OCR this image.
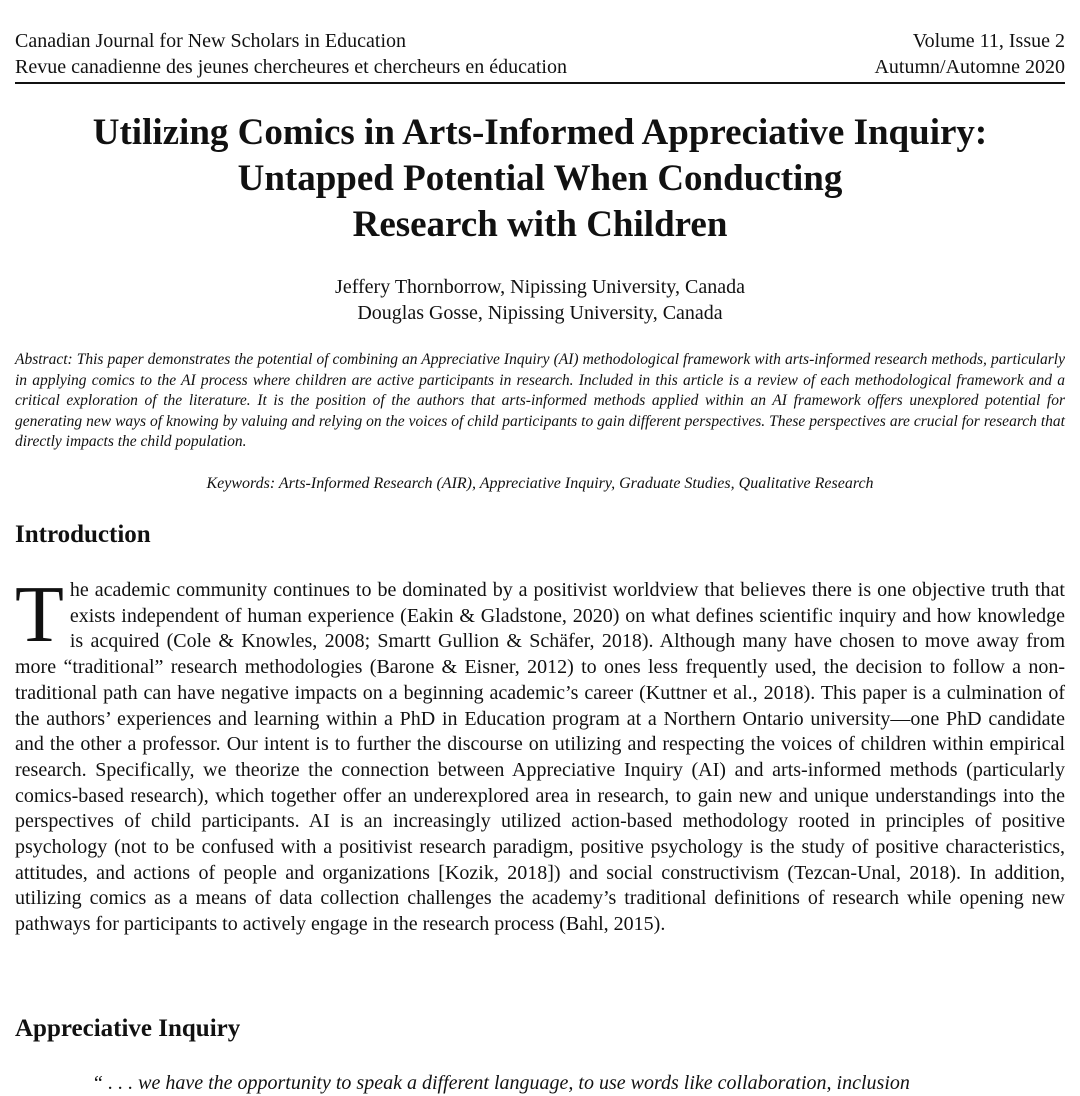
Canadian Journal for New Scholars in Education	Volume 11, Issue 2
Revue canadienne des jeunes chercheures et chercheurs en éducation	Autumn/Automne 2020
Utilizing Comics in Arts-Informed Appreciative Inquiry:
Untapped Potential When Conducting
Research with Children
Jeffery Thornborrow, Nipissing University, Canada
Douglas Gosse, Nipissing University, Canada
Abstract: This paper demonstrates the potential of combining an Appreciative Inquiry (AI) methodological framework with arts-informed research methods, particularly in applying comics to the AI process where children are active participants in research. Included in this article is a review of each methodological framework and a critical exploration of the literature. It is the position of the authors that arts-informed methods applied within an AI framework offers unexplored potential for generating new ways of knowing by valuing and relying on the voices of child participants to gain different perspectives. These perspectives are crucial for research that directly impacts the child population.
Keywords: Arts-Informed Research (AIR), Appreciative Inquiry, Graduate Studies, Qualitative Research
Introduction
T he academic community continues to be dominated by a positivist worldview that believes there is one objective truth that exists independent of human experience (Eakin & Gladstone, 2020) on what defines scientific inquiry and how knowledge is acquired (Cole & Knowles, 2008; Smartt Gullion & Schäfer, 2018). Although many have chosen to move away from more “traditional” research methodologies (Barone & Eisner, 2012) to ones less frequently used, the decision to follow a non-traditional path can have negative impacts on a beginning academic’s career (Kuttner et al., 2018). This paper is a culmination of the authors’ experiences and learning within a PhD in Education program at a Northern Ontario university—one PhD candidate and the other a professor. Our intent is to further the discourse on utilizing and respecting the voices of children within empirical research. Specifically, we theorize the connection between Appreciative Inquiry (AI) and arts-informed methods (particularly comics-based research), which together offer an underexplored area in research, to gain new and unique understandings into the perspectives of child participants. AI is an increasingly utilized action-based methodology rooted in principles of positive psychology (not to be confused with a positivist research paradigm, positive psychology is the study of positive characteristics, attitudes, and actions of people and organizations [Kozik, 2018]) and social constructivism (Tezcan-Unal, 2018). In addition, utilizing comics as a means of data collection challenges the academy’s traditional definitions of research while opening new pathways for participants to actively engage in the research process (Bahl, 2015).
Appreciative Inquiry
“ . . . we have the opportunity to speak a different language, to use words like collaboration, inclusion
